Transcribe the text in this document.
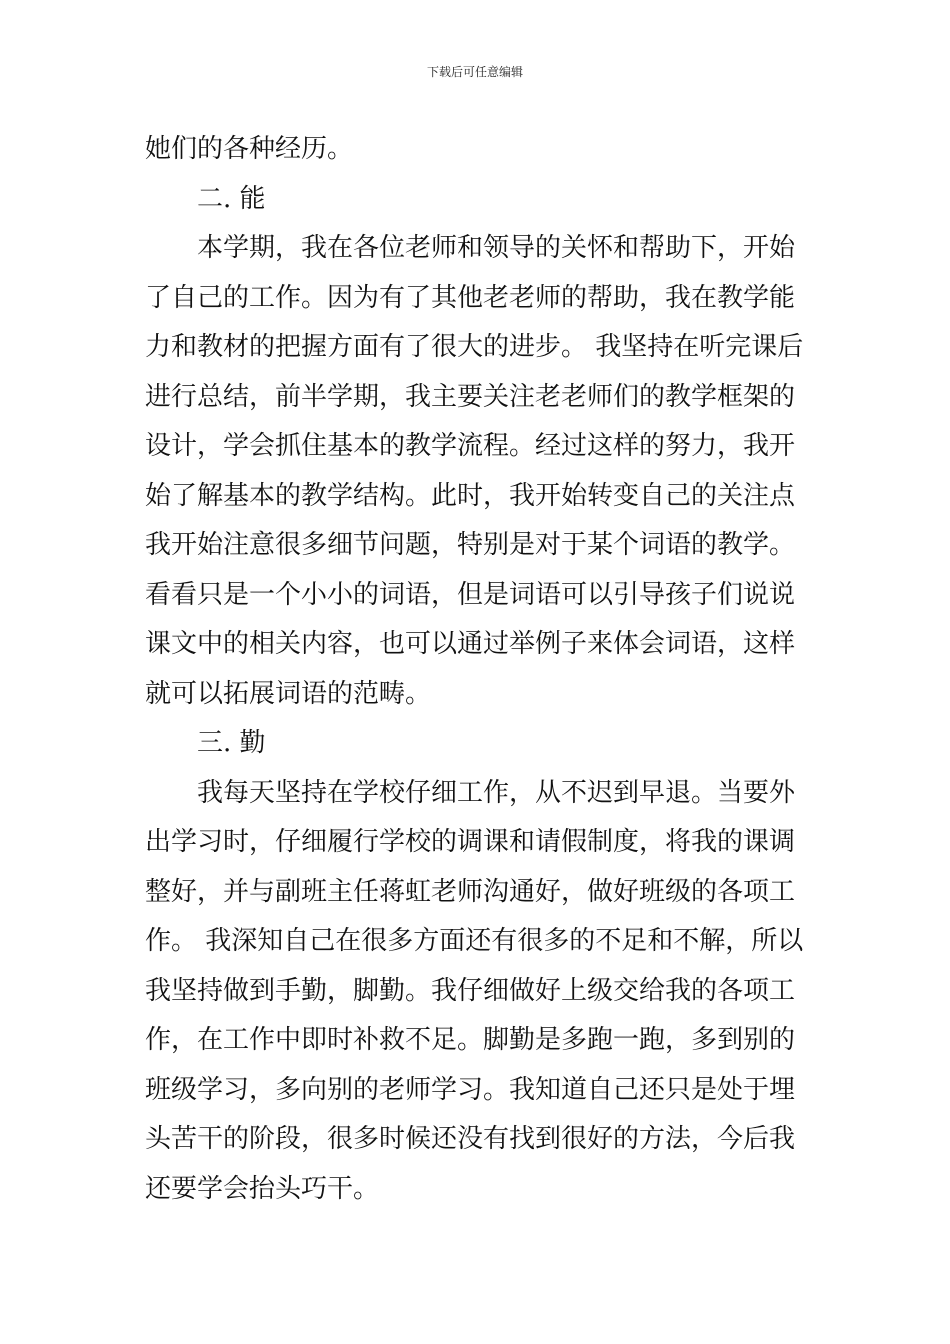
下载后可任意编辑
她们的各种经历。
二. 能
本学期，我在各位老师和领导的关怀和帮助下，开始
了自己的工作。因为有了其他老老师的帮助，我在教学能
力和教材的把握方面有了很大的进步。 我坚持在听完课后
进行总结，前半学期，我主要关注老老师们的教学框架的
设计，学会抓住基本的教学流程。经过这样的努力，我开
始了解基本的教学结构。此时，我开始转变自己的关注点
我开始注意很多细节问题，特别是对于某个词语的教学。
看看只是一个小小的词语，但是词语可以引导孩子们说说
课文中的相关内容，也可以通过举例子来体会词语，这样
就可以拓展词语的范畴。
三. 勤
我每天坚持在学校仔细工作，从不迟到早退。当要外
出学习时，仔细履行学校的调课和请假制度，将我的课调
整好，并与副班主任蒋虹老师沟通好，做好班级的各项工
作。 我深知自己在很多方面还有很多的不足和不解，所以
我坚持做到手勤，脚勤。我仔细做好上级交给我的各项工
作，在工作中即时补救不足。脚勤是多跑一跑，多到别的
班级学习，多向别的老师学习。我知道自己还只是处于埋
头苦干的阶段，很多时候还没有找到很好的方法，今后我
还要学会抬头巧干。
